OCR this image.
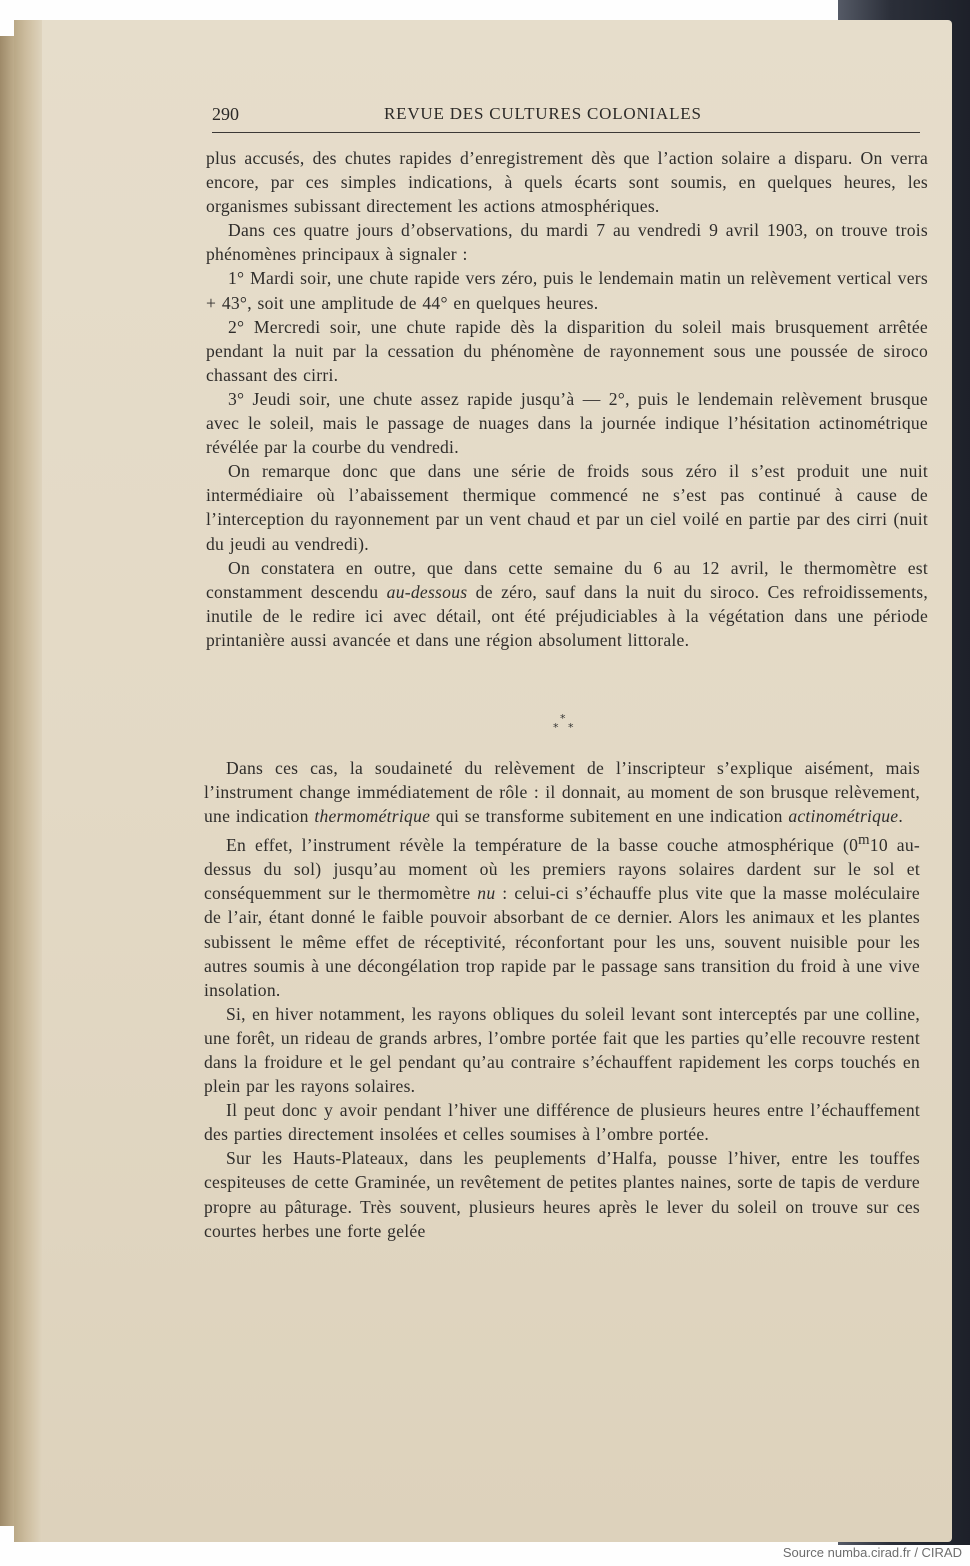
290	REVUE DES CULTURES COLONIALES

plus accusés, des chutes rapides d’enregistrement dès que l’action solaire a disparu. On verra encore, par ces simples indications, à quels écarts sont soumis, en quelques heures, les organismes subissant directement les actions atmosphériques.

Dans ces quatre jours d’observations, du mardi 7 au vendredi 9 avril 1903, on trouve trois phénomènes principaux à signaler :

1° Mardi soir, une chute rapide vers zéro, puis le lendemain matin un relèvement vertical vers + 43°, soit une amplitude de 44° en quelques heures.

2° Mercredi soir, une chute rapide dès la disparition du soleil mais brusquement arrêtée pendant la nuit par la cessation du phénomène de rayonnement sous une poussée de siroco chassant des cirri.

3° Jeudi soir, une chute assez rapide jusqu’à — 2°, puis le lendemain relèvement brusque avec le soleil, mais le passage de nuages dans la journée indique l’hésitation actinométrique révélée par la courbe du vendredi.

On remarque donc que dans une série de froids sous zéro il s’est produit une nuit intermédiaire où l’abaissement thermique commencé ne s’est pas continué à cause de l’interception du rayonnement par un vent chaud et par un ciel voilé en partie par des cirri (nuit du jeudi au vendredi).

On constatera en outre, que dans cette semaine du 6 au 12 avril, le thermomètre est constamment descendu au-dessous de zéro, sauf dans la nuit du siroco. Ces refroidissements, inutile de le redire ici avec détail, ont été préjudiciables à la végétation dans une période printanière aussi avancée et dans une région absolument littorale.

*
* *

Dans ces cas, la soudaineté du relèvement de l’inscripteur s’explique aisément, mais l’instrument change immédiatement de rôle : il donnait, au moment de son brusque relèvement, une indication thermométrique qui se transforme subitement en une indication actinométrique.

En effet, l’instrument révèle la température de la basse couche atmosphérique (0$^m$10 au-dessus du sol) jusqu’au moment où les premiers rayons solaires dardent sur le sol et conséquemment sur le thermomètre nu : celui-ci s’échauffe plus vite que la masse moléculaire de l’air, étant donné le faible pouvoir absorbant de ce dernier. Alors les animaux et les plantes subissent le même effet de réceptivité, réconfortant pour les uns, souvent nuisible pour les autres soumis à une décongélation trop rapide par le passage sans transition du froid à une vive insolation.

Si, en hiver notamment, les rayons obliques du soleil levant sont interceptés par une colline, une forêt, un rideau de grands arbres, l’ombre portée fait que les parties qu’elle recouvre restent dans la froidure et le gel pendant qu’au contraire s’échauffent rapidement les corps touchés en plein par les rayons solaires.

Il peut donc y avoir pendant l’hiver une différence de plusieurs heures entre l’échauffement des parties directement insolées et celles soumises à l’ombre portée.

Sur les Hauts-Plateaux, dans les peuplements d’Halfa, pousse l’hiver, entre les touffes cespiteuses de cette Graminée, un revêtement de petites plantes naines, sorte de tapis de verdure propre au pâturage. Très souvent, plusieurs heures après le lever du soleil on trouve sur ces courtes herbes une forte gelée

Source numba.cirad.fr / CIRAD
